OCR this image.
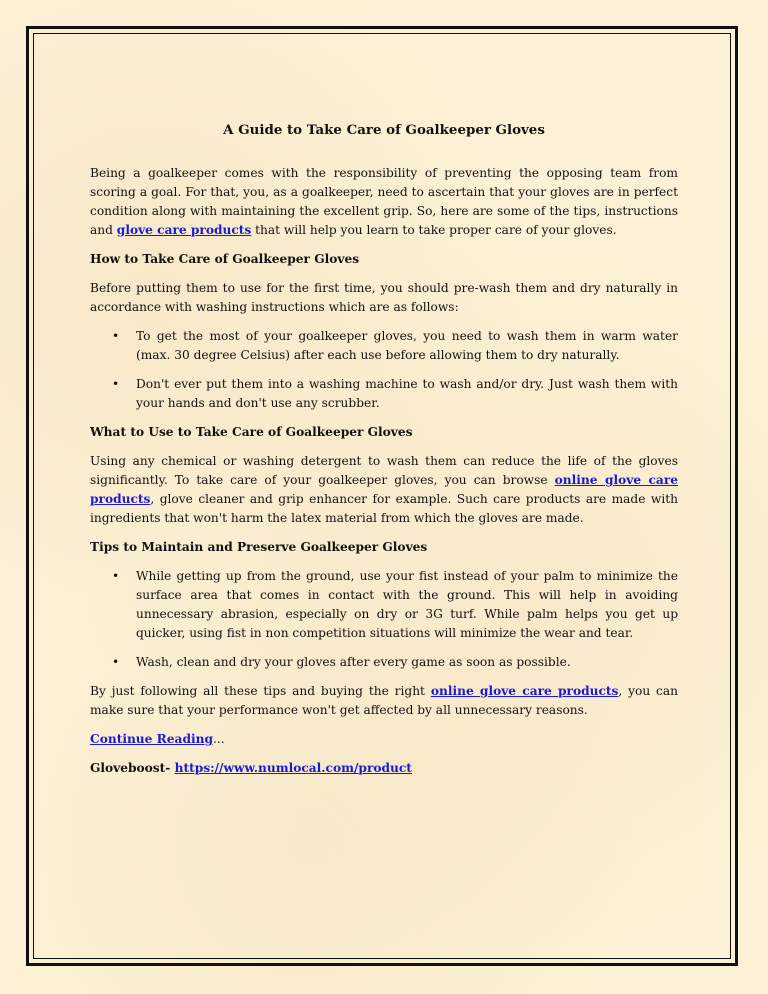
A Guide to Take Care of Goalkeeper Gloves

Being a goalkeeper comes with the responsibility of preventing the opposing team from scoring a goal. For that, you, as a goalkeeper, need to ascertain that your gloves are in perfect condition along with maintaining the excellent grip. So, here are some of the tips, instructions and glove care products that will help you learn to take proper care of your gloves.

How to Take Care of Goalkeeper Gloves

Before putting them to use for the first time, you should pre-wash them and dry naturally in accordance with washing instructions which are as follows:

• To get the most of your goalkeeper gloves, you need to wash them in warm water (max. 30 degree Celsius) after each use before allowing them to dry naturally.
• Don't ever put them into a washing machine to wash and/or dry. Just wash them with your hands and don't use any scrubber.
What to Use to Take Care of Goalkeeper Gloves

Using any chemical or washing detergent to wash them can reduce the life of the gloves significantly. To take care of your goalkeeper gloves, you can browse online glove care products, glove cleaner and grip enhancer for example. Such care products are made with ingredients that won't harm the latex material from which the gloves are made.

Tips to Maintain and Preserve Goalkeeper Gloves
• While getting up from the ground, use your fist instead of your palm to minimize the surface area that comes in contact with the ground. This will help in avoiding unnecessary abrasion, especially on dry or 3G turf. While palm helps you get up quicker, using fist in non competition situations will minimize the wear and tear.
• Wash, clean and dry your gloves after every game as soon as possible.

By just following all these tips and buying the right online glove care products, you can make sure that your performance won't get affected by all unnecessary reasons.

Continue Reading...

Gloveboost- https://www.numlocal.com/product
